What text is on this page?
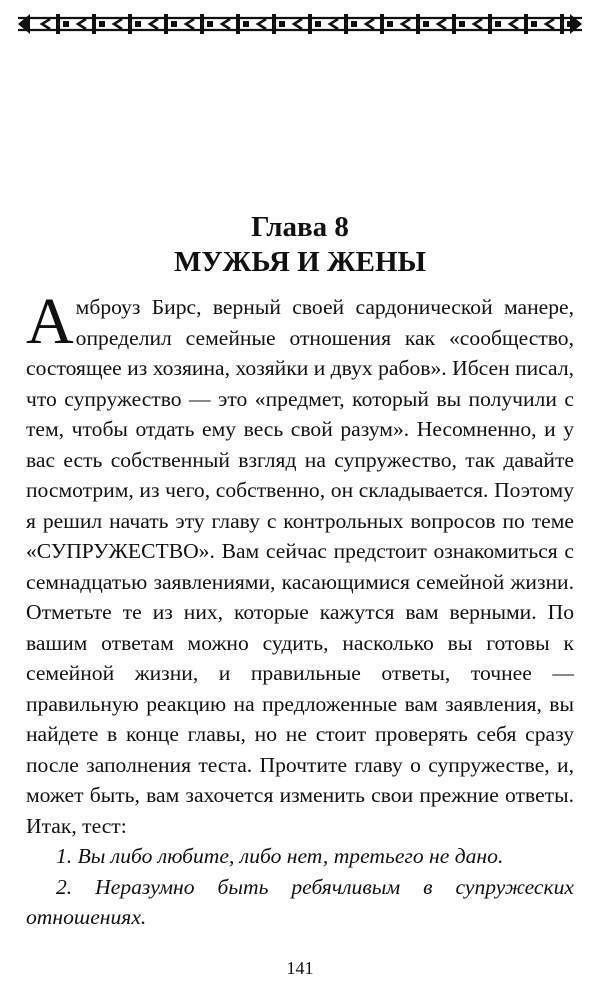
Глава 8
МУЖЬЯ И ЖЕНЫ

Амброуз Бирс, верный своей сардонической манере, определил семейные отношения как «сообщество, состоящее из хозяина, хозяйки и двух рабов». Ибсен писал, что супружество — это «предмет, который вы получили с тем, чтобы отдать ему весь свой разум». Несомненно, и у вас есть собственный взгляд на супружество, так давайте посмотрим, из чего, собственно, он складывается. Поэтому я решил начать эту главу с контрольных вопросов по теме «СУПРУЖЕСТВО». Вам сейчас предстоит ознакомиться с семнадцатью заявлениями, касающимися семейной жизни. Отметьте те из них, которые кажутся вам верными. По вашим ответам можно судить, насколько вы готовы к семейной жизни, и правильные ответы, точнее — правильную реакцию на предложенные вам заявления, вы найдете в конце главы, но не стоит проверять себя сразу после заполнения теста. Прочтите главу о супружестве, и, может быть, вам захочется изменить свои прежние ответы. Итак, тест:

1. Вы либо любите, либо нет, третьего не дано.

2. Неразумно быть ребячливым в супружеских отношениях.

141
